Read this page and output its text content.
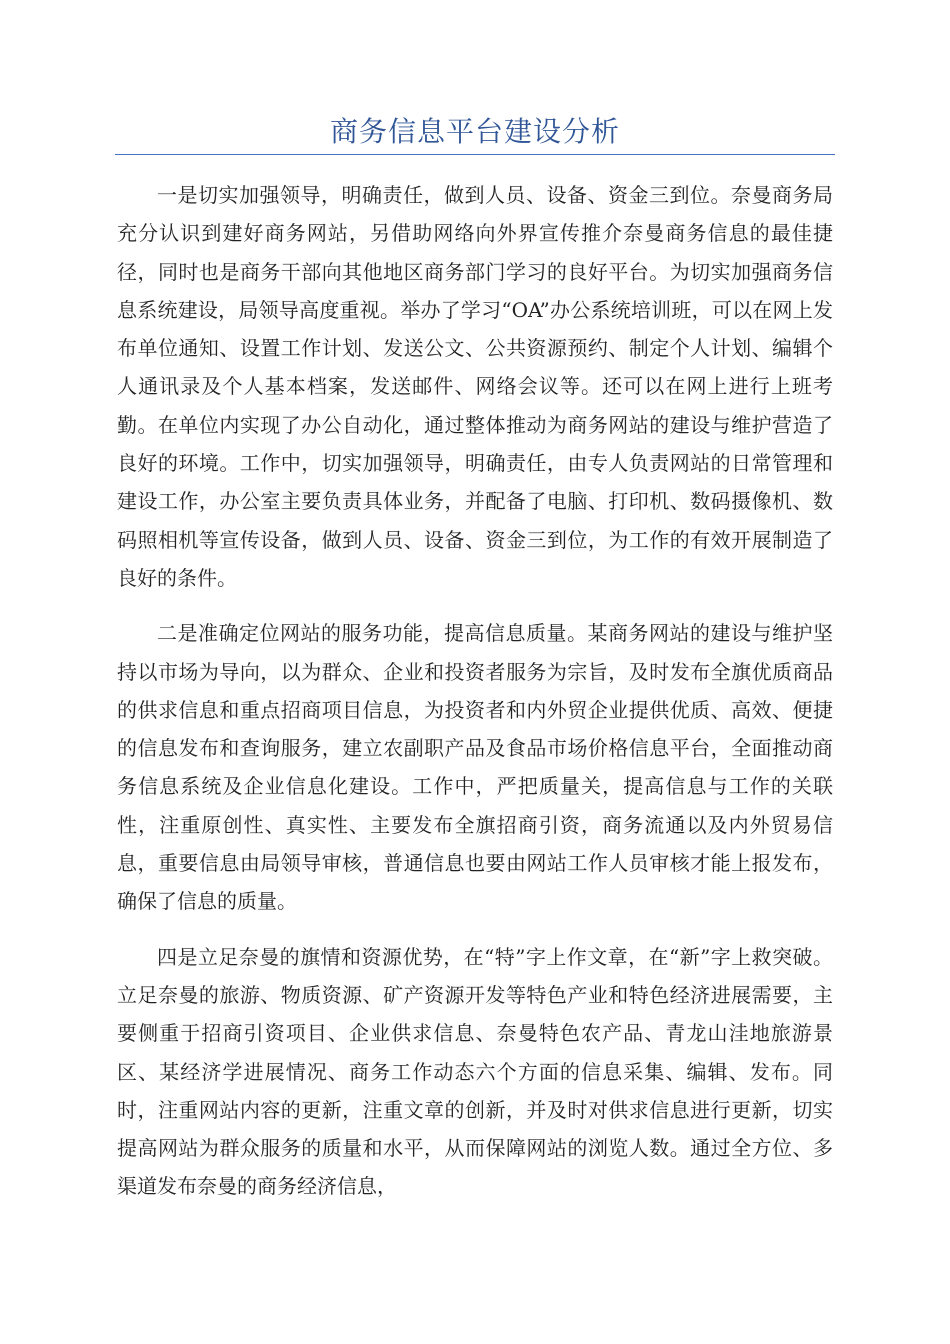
商务信息平台建设分析

一是切实加强领导，明确责任，做到人员、设备、资金三到位。奈曼商务局充分认识到建好商务网站，另借助网络向外界宣传推介奈曼商务信息的最佳捷径，同时也是商务干部向其他地区商务部门学习的良好平台。为切实加强商务信息系统建设，局领导高度重视。举办了学习“OA”办公系统培训班，可以在网上发布单位通知、设置工作计划、发送公文、公共资源预约、制定个人计划、编辑个人通讯录及个人基本档案，发送邮件、网络会议等。还可以在网上进行上班考勤。在单位内实现了办公自动化，通过整体推动为商务网站的建设与维护营造了良好的环境。工作中，切实加强领导，明确责任，由专人负责网站的日常管理和建设工作，办公室主要负责具体业务，并配备了电脑、打印机、数码摄像机、数码照相机等宣传设备，做到人员、设备、资金三到位，为工作的有效开展制造了良好的条件。

二是准确定位网站的服务功能，提高信息质量。某商务网站的建设与维护坚持以市场为导向，以为群众、企业和投资者服务为宗旨，及时发布全旗优质商品的供求信息和重点招商项目信息，为投资者和内外贸企业提供优质、高效、便捷的信息发布和查询服务，建立农副职产品及食品市场价格信息平台，全面推动商务信息系统及企业信息化建设。工作中，严把质量关，提高信息与工作的关联性，注重原创性、真实性、主要发布全旗招商引资，商务流通以及内外贸易信息，重要信息由局领导审核，普通信息也要由网站工作人员审核才能上报发布，确保了信息的质量。

四是立足奈曼的旗情和资源优势，在“特”字上作文章，在“新”字上救突破。立足奈曼的旅游、物质资源、矿产资源开发等特色产业和特色经济进展需要，主要侧重于招商引资项目、企业供求信息、奈曼特色农产品、青龙山洼地旅游景区、某经济学进展情况、商务工作动态六个方面的信息采集、编辑、发布。同时，注重网站内容的更新，注重文章的创新，并及时对供求信息进行更新，切实提高网站为群众服务的质量和水平，从而保障网站的浏览人数。通过全方位、多渠道发布奈曼的商务经济信息，
